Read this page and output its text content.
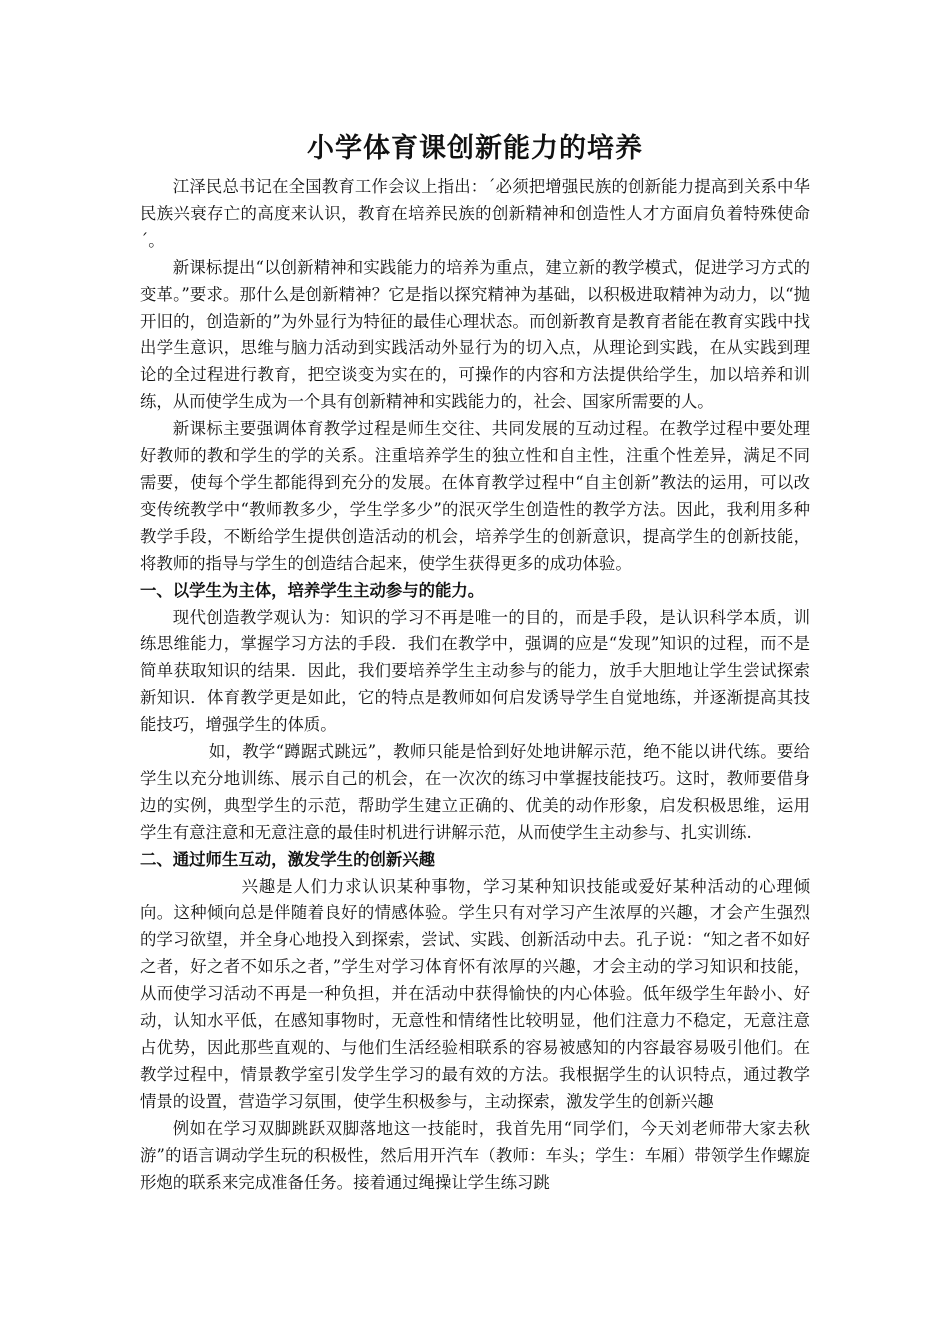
小学体育课创新能力的培养

江泽民总书记在全国教育工作会议上指出：´必须把增强民族的创新能力提高到关系中华民族兴衰存亡的高度来认识，教育在培养民族的创新精神和创造性人才方面肩负着特殊使命´。

新课标提出“以创新精神和实践能力的培养为重点，建立新的教学模式，促进学习方式的变革。”要求。那什么是创新精神？它是指以探究精神为基础，以积极进取精神为动力，以“抛开旧的，创造新的”为外显行为特征的最佳心理状态。而创新教育是教育者能在教育实践中找出学生意识，思维与脑力活动到实践活动外显行为的切入点，从理论到实践，在从实践到理论的全过程进行教育，把空谈变为实在的，可操作的内容和方法提供给学生，加以培养和训练，从而使学生成为一个具有创新精神和实践能力的，社会、国家所需要的人。

新课标主要强调体育教学过程是师生交往、共同发展的互动过程。在教学过程中要处理好教师的教和学生的学的关系。注重培养学生的独立性和自主性，注重个性差异，满足不同需要，使每个学生都能得到充分的发展。在体育教学过程中“自主创新”教法的运用，可以改变传统教学中“教师教多少，学生学多少”的泯灭学生创造性的教学方法。因此，我利用多种教学手段，不断给学生提供创造活动的机会，培养学生的创新意识，提高学生的创新技能，将教师的指导与学生的创造结合起来，使学生获得更多的成功体验。

一、以学生为主体，培养学生主动参与的能力。

现代创造教学观认为：知识的学习不再是唯一的目的，而是手段，是认识科学本质，训练思维能力，掌握学习方法的手段．我们在教学中，强调的应是“发现”知识的过程，而不是简单获取知识的结果．因此，我们要培养学生主动参与的能力，放手大胆地让学生尝试探索新知识．体育教学更是如此，它的特点是教师如何启发诱导学生自觉地练，并逐渐提高其技能技巧，增强学生的体质。

如，教学“蹲踞式跳远”，教师只能是恰到好处地讲解示范，绝不能以讲代练。要给学生以充分地训练、展示自己的机会，在一次次的练习中掌握技能技巧。这时，教师要借身边的实例，典型学生的示范，帮助学生建立正确的、优美的动作形象，启发积极思维，运用学生有意注意和无意注意的最佳时机进行讲解示范，从而使学生主动参与、扎实训练.

二、通过师生互动，激发学生的创新兴趣

兴趣是人们力求认识某种事物，学习某种知识技能或爱好某种活动的心理倾向。这种倾向总是伴随着良好的情感体验。学生只有对学习产生浓厚的兴趣，才会产生强烈的学习欲望，并全身心地投入到探索，尝试、实践、创新活动中去。孔子说：“知之者不如好之者，好之者不如乐之者，”学生对学习体育怀有浓厚的兴趣，才会主动的学习知识和技能，从而使学习活动不再是一种负担，并在活动中获得愉快的内心体验。低年级学生年龄小、好动，认知水平低，在感知事物时，无意性和情绪性比较明显，他们注意力不稳定，无意注意占优势，因此那些直观的、与他们生活经验相联系的容易被感知的内容最容易吸引他们。在教学过程中，情景教学室引发学生学习的最有效的方法。我根据学生的认识特点，通过教学情景的设置，营造学习氛围，使学生积极参与，主动探索，激发学生的创新兴趣

例如在学习双脚跳跃双脚落地这一技能时，我首先用“同学们，今天刘老师带大家去秋游”的语言调动学生玩的积极性，然后用开汽车（教师：车头；学生：车厢）带领学生作螺旋形炮的联系来完成准备任务。接着通过绳操让学生练习跳
